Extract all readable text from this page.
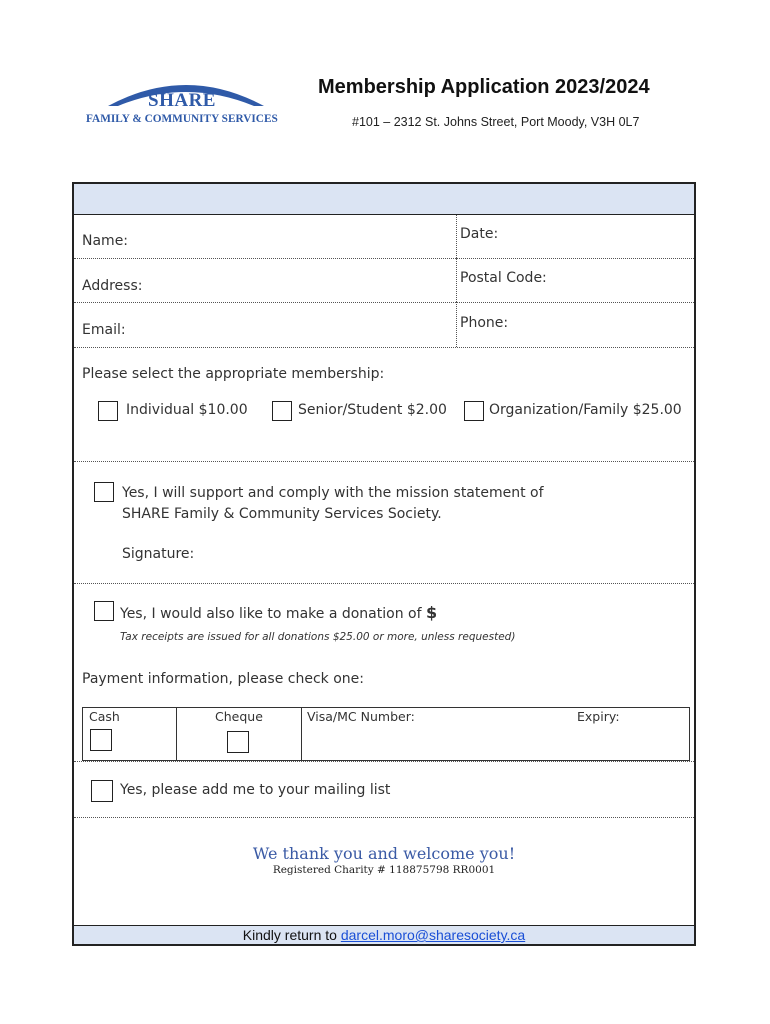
SHARE
FAMILY & COMMUNITY SERVICES
Membership Application 2023/2024
#101 – 2312 St. Johns Street, Port Moody, V3H 0L7
Name:	Date:
Address:	Postal Code:
Email:	Phone:
Please select the appropriate membership:
Individual $10.00	Senior/Student $2.00	Organization/Family $25.00
Yes, I will support and comply with the mission statement of
SHARE Family & Community Services Society.
Signature:
Yes, I would also like to make a donation of $
Tax receipts are issued for all donations $25.00 or more, unless requested)
Payment information, please check one:
Cash	Cheque	Visa/MC Number:	Expiry:
Yes, please add me to your mailing list
We thank you and welcome you!
Registered Charity # 118875798 RR0001
Kindly return to darcel.moro@sharesociety.ca
